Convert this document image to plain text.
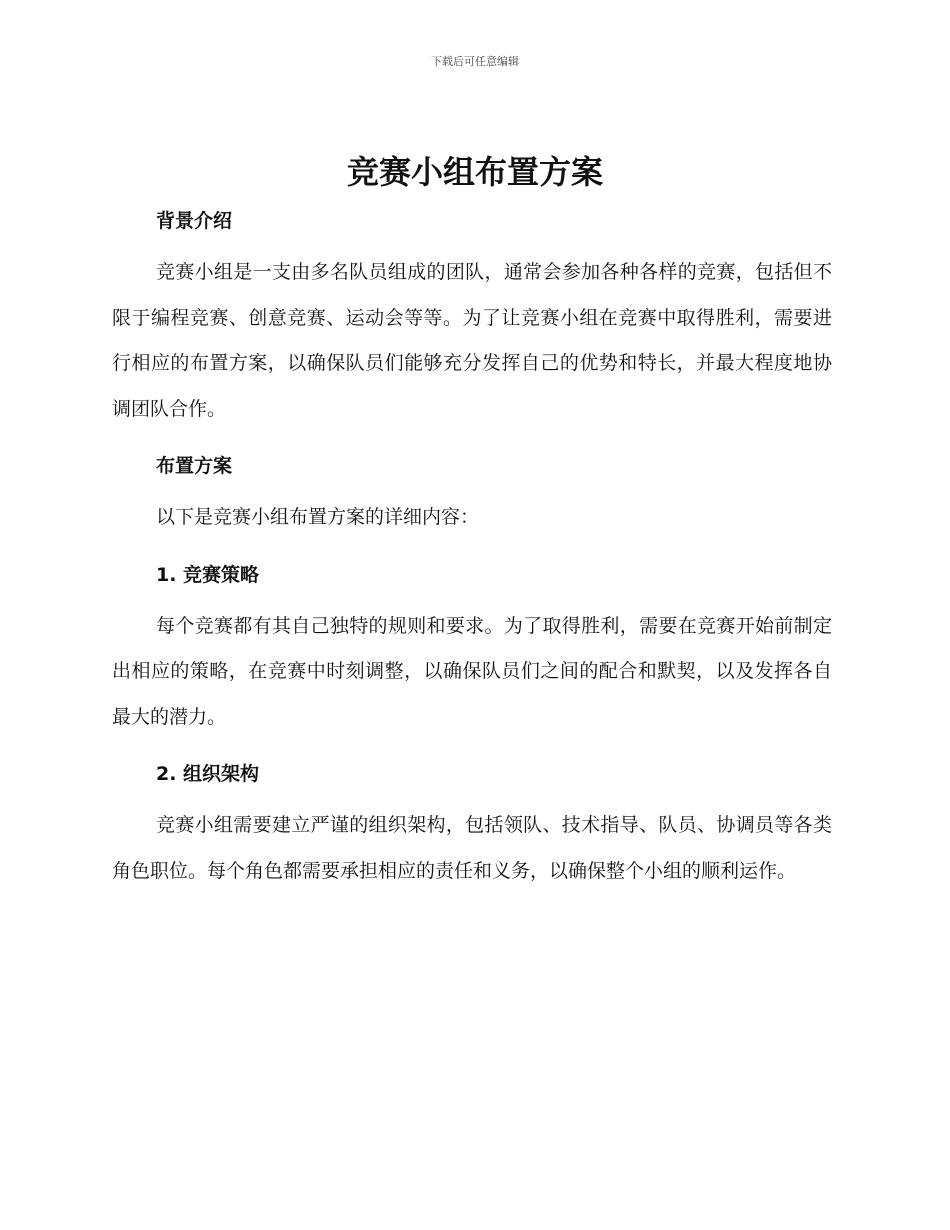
下载后可任意编辑
竞赛小组布置方案
背景介绍

竞赛小组是一支由多名队员组成的团队，通常会参加各种各样的竞赛，包括但不限于编程竞赛、创意竞赛、运动会等等。为了让竞赛小组在竞赛中取得胜利，需要进行相应的布置方案，以确保队员们能够充分发挥自己的优势和特长，并最大程度地协调团队合作。

布置方案

以下是竞赛小组布置方案的详细内容：

1. 竞赛策略

每个竞赛都有其自己独特的规则和要求。为了取得胜利，需要在竞赛开始前制定出相应的策略，在竞赛中时刻调整，以确保队员们之间的配合和默契，以及发挥各自最大的潜力。

2. 组织架构

竞赛小组需要建立严谨的组织架构，包括领队、技术指导、队员、协调员等各类角色职位。每个角色都需要承担相应的责任和义务，以确保整个小组的顺利运作。
